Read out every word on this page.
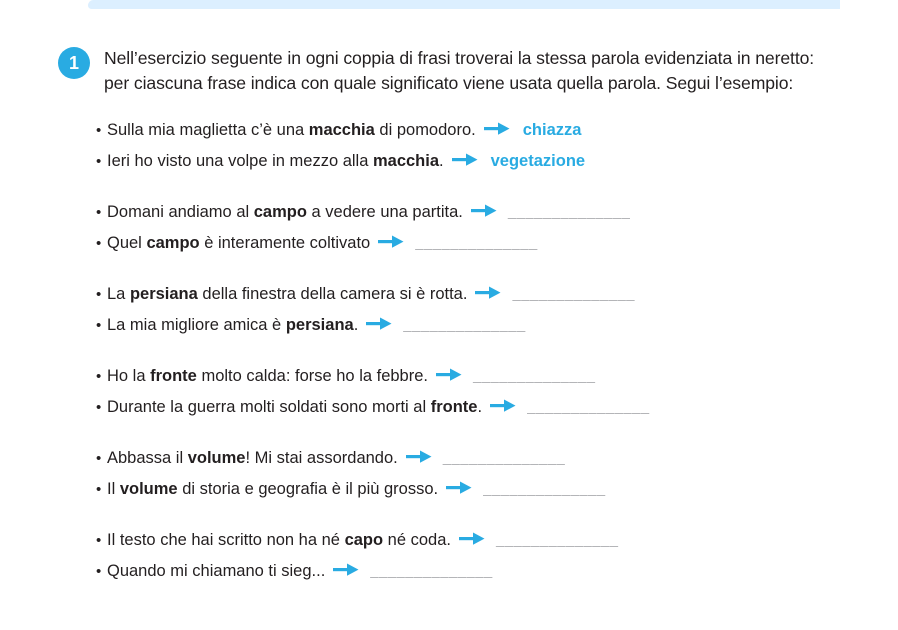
1	Nell’esercizio seguente in ogni coppia di frasi troverai la stessa parola evidenziata in neretto: per ciascuna frase indica con quale significato viene usata quella parola. Segui l’esempio:
• Sulla mia maglietta c’è una macchia di pomodoro.	chiazza
• Ieri ho visto una volpe in mezzo alla macchia.	vegetazione
• Domani andiamo al campo a vedere una partita.	______________
• Quel campo è interamente coltivato	______________
• La persiana della finestra della camera si è rotta.	______________
• La mia migliore amica è persiana.	______________
• Ho la fronte molto calda: forse ho la febbre.	______________
• Durante la guerra molti soldati sono morti al fronte.	______________
• Abbassa il volume! Mi stai assordando.	______________
• Il volume di storia e geografia è il più grosso.	______________
• Il testo che hai scritto non ha né capo né coda.	______________
• Quando mi chiamano ti sieg...	______________
